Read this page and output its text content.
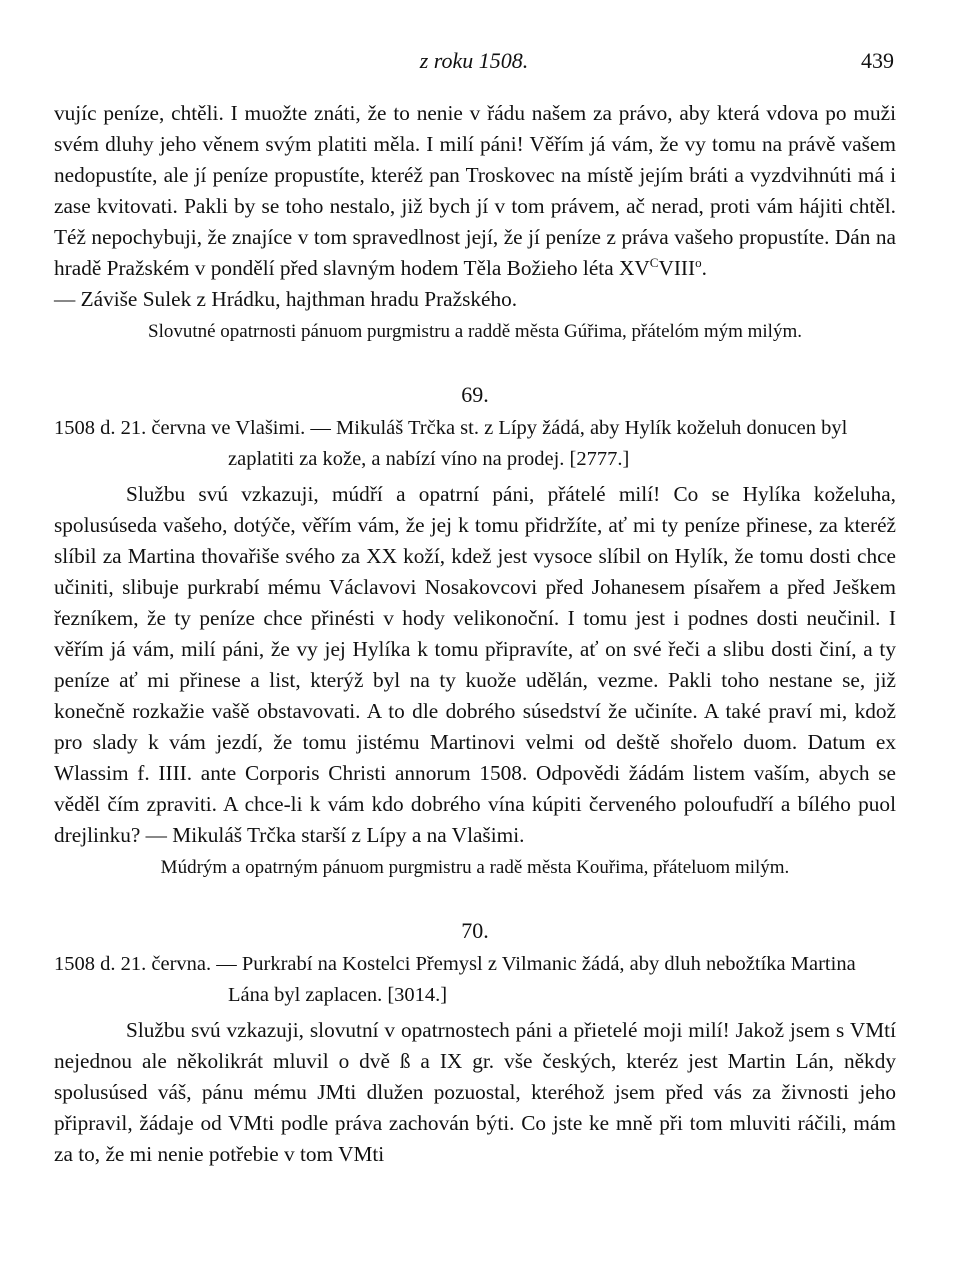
z roku 1508.	439

vujíc peníze, chtěli. I muožte znáti, že to nenie v řádu našem za právo, aby která vdova po muži svém dluhy jeho věnem svým platiti měla. I milí páni! Věřím já vám, že vy tomu na právě vašem nedopustíte, ale jí peníze propustíte, kteréž pan Troskovec na místě jejím bráti a vyzdvihnúti má i zase kvitovati. Pakli by se toho nestalo, již bych jí v tom právem, ač nerad, proti vám hájiti chtěl. Též nepochybuji, že znajíce v tom spravedlnost její, že jí peníze z práva vašeho propustíte. Dán na hradě Pražském v pondělí před slavným hodem Těla Božieho léta $XV^CVIII^o$.

— Záviše Sulek z Hrádku, hajthman hradu Pražského.

Slovutné opatrnosti pánuom purgmistru a raddě města Gúřima, přátelóm mým milým.

69.

1508 d. 21. června ve Vlašimi. — Mikuláš Trčka st. z Lípy žádá, aby Hylík koželuh donucen byl zaplatiti za kože, a nabízí víno na prodej. [2777.]

Službu svú vzkazuji, múdří a opatrní páni, přátelé milí! Co se Hylíka koželuha, spolusúseda vašeho, dotýče, věřím vám, že jej k tomu přidržíte, ať mi ty peníze přinese, za kteréž slíbil za Martina thovařiše svého za XX koží, kdež jest vysoce slíbil on Hylík, že tomu dosti chce učiniti, slibuje purkrabí mému Václavovi Nosakovcovi před Johanesem písařem a před Ješkem řezníkem, že ty peníze chce přinésti v hody velikonoční. I tomu jest i podnes dosti neučinil. I věřím já vám, milí páni, že vy jej Hylíka k tomu připravíte, ať on své řeči a slibu dosti činí, a ty peníze ať mi přinese a list, kterýž byl na ty kuože udělán, vezme. Pakli toho nestane se, již konečně rozkažie vašě obstavovati. A to dle dobrého súsedství že učiníte. A také praví mi, kdož pro slady k vám jezdí, že tomu jistému Martinovi velmi od deště shořelo duom. Datum ex Wlassim f. IIII. ante Corporis Christi annorum 1508. Odpovědi žádám listem vaším, abych se věděl čím zpraviti. A chce-li k vám kdo dobrého vína kúpiti červeného poloufudří a bílého puol drejlinku? — Mikuláš Trčka starší z Lípy a na Vlašimi.

Múdrým a opatrným pánuom purgmistru a radě města Kouřima, přáteluom milým.

70.

1508 d. 21. června. — Purkrabí na Kostelci Přemysl z Vilmanic žádá, aby dluh nebožtíka Martina Lána byl zaplacen. [3014.]

Službu svú vzkazuji, slovutní v opatrnostech páni a přietelé moji milí! Jakož jsem s VMtí nejednou ale několikrát mluvil o dvě ß a IX gr. vše českých, kteréz jest Martin Lán, někdy spolusúsed váš, pánu mému JMti dlužen pozuostal, kteréhož jsem před vás za živnosti jeho připravil, žádaje od VMti podle práva zachován býti. Co jste ke mně při tom mluviti ráčili, mám za to, že mi nenie potřebie v tom VMti
